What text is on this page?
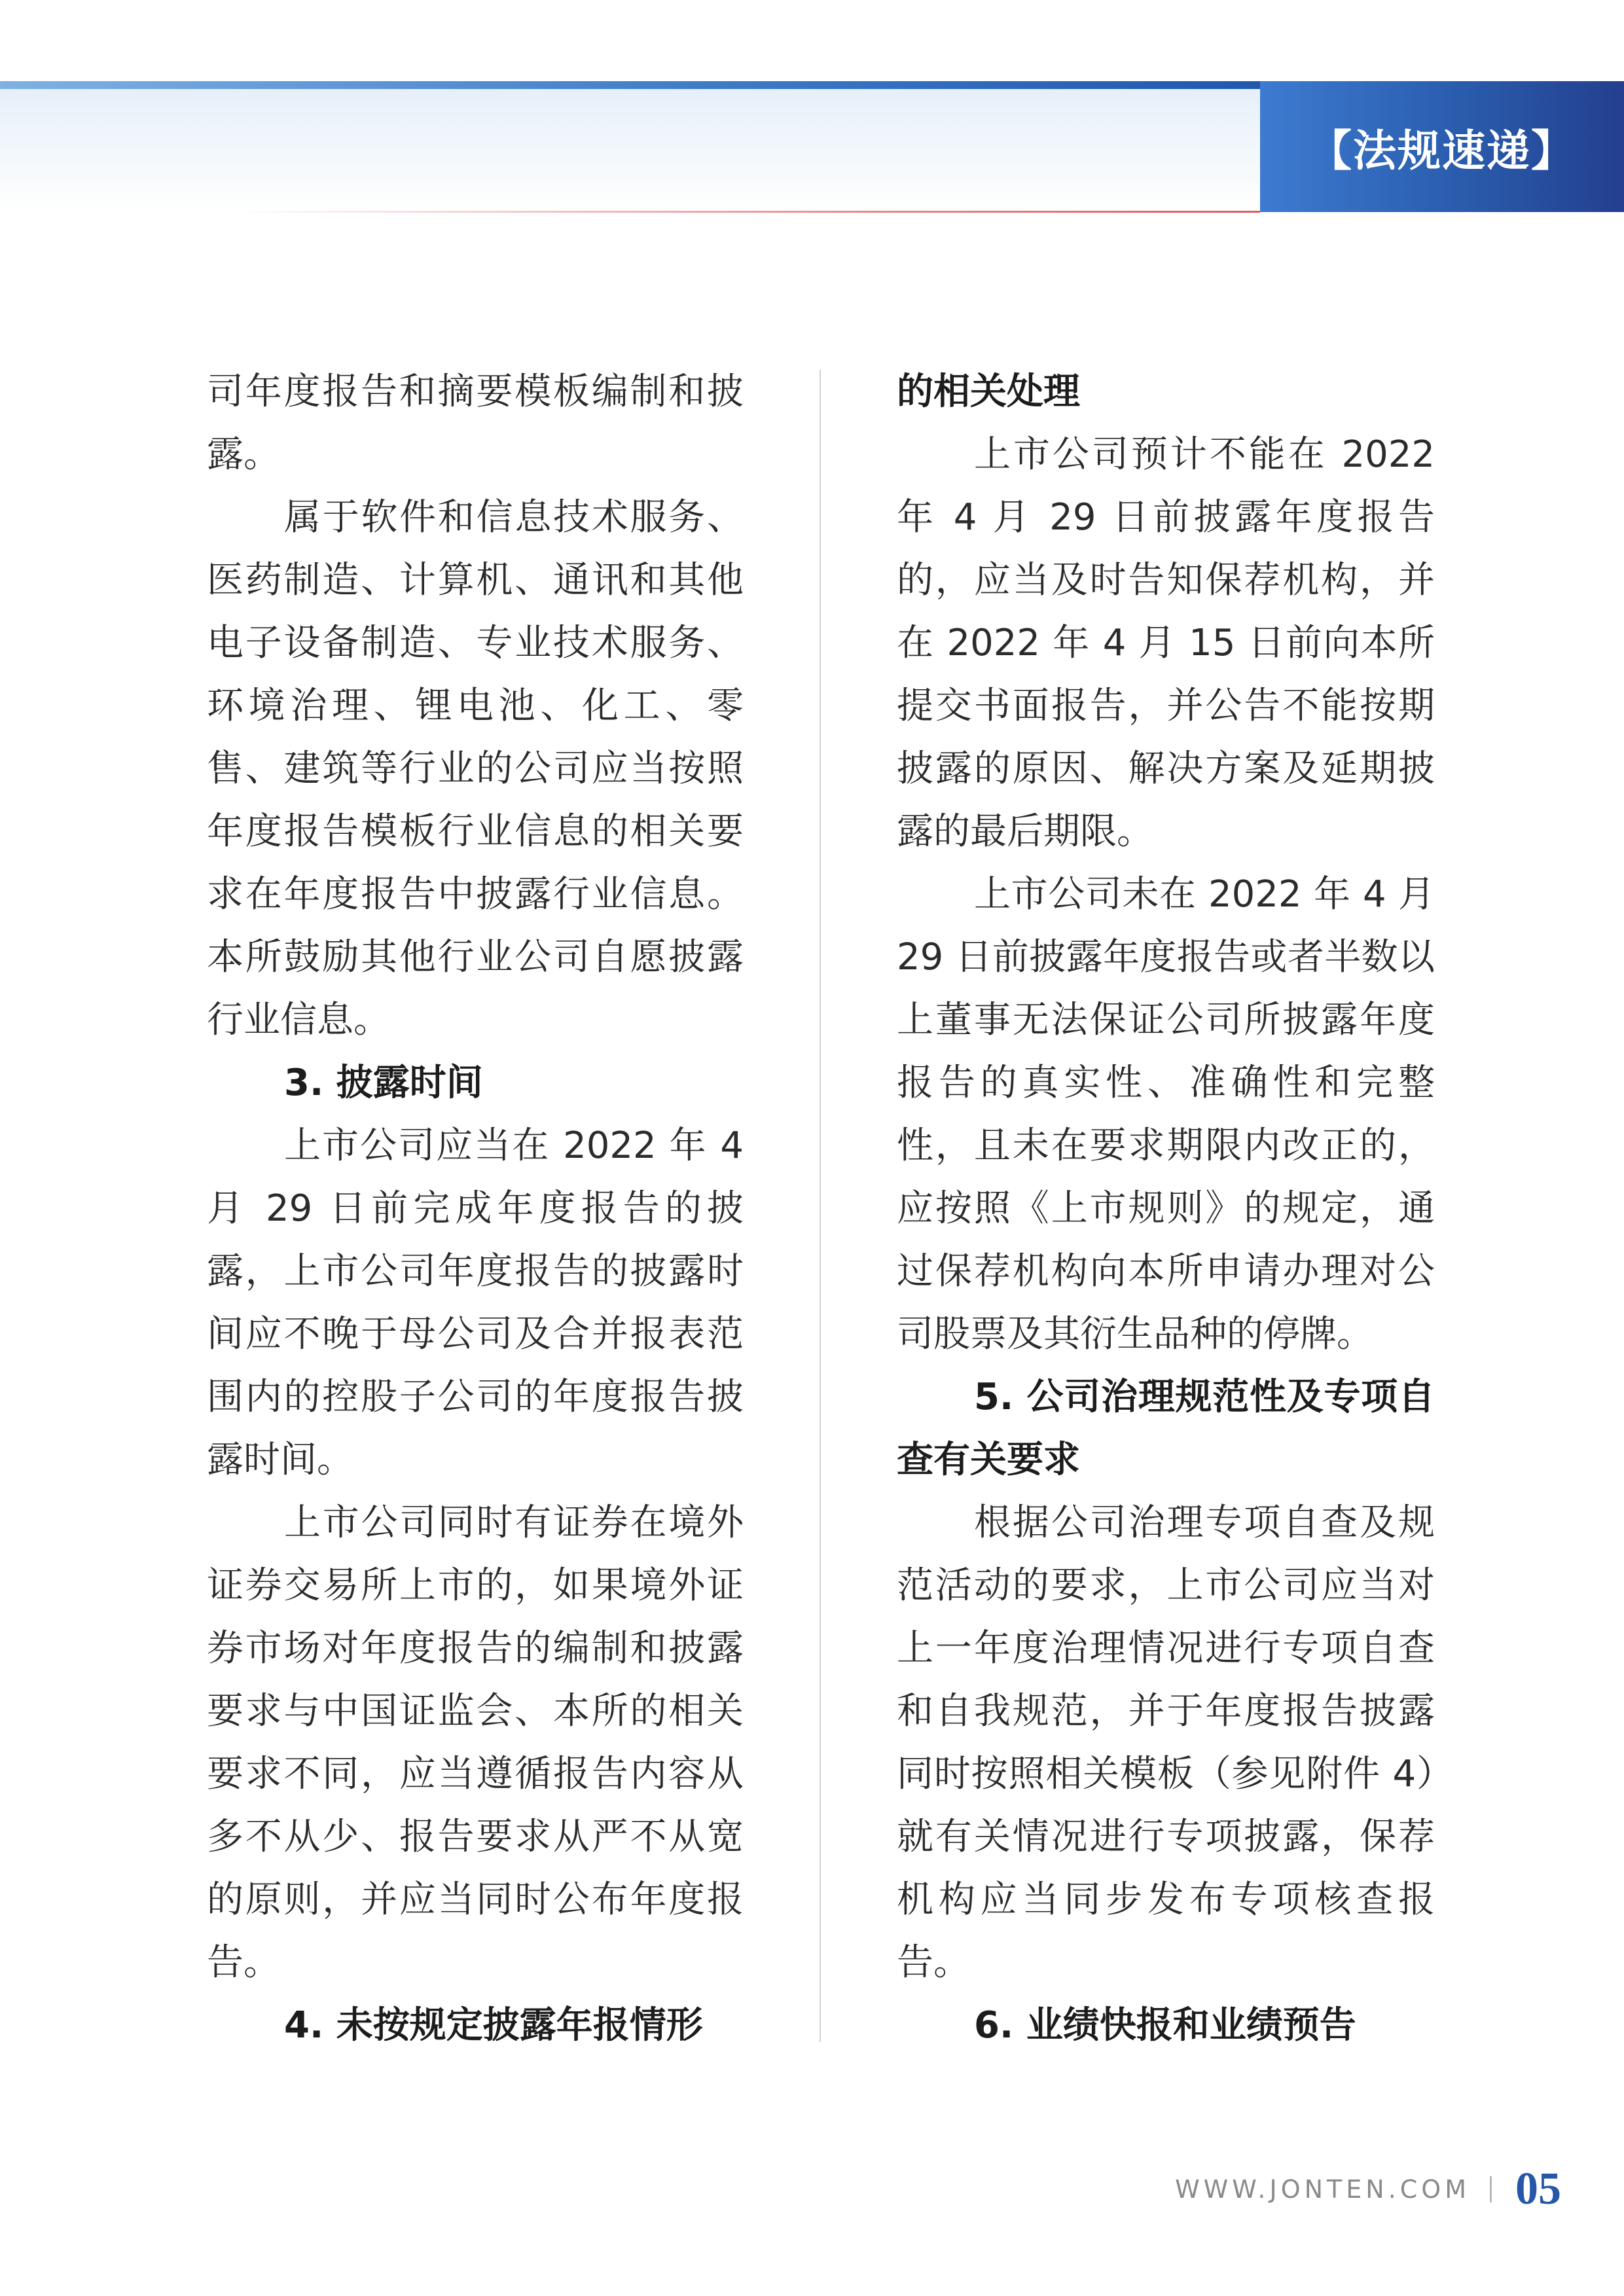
【法规速递】

司年度报告和摘要模板编制和披露。

属于软件和信息技术服务、医药制造、计算机、通讯和其他电子设备制造、专业技术服务、环境治理、锂电池、化工、零售、建筑等行业的公司应当按照年度报告模板行业信息的相关要求在年度报告中披露行业信息。本所鼓励其他行业公司自愿披露行业信息。

3. 披露时间

上市公司应当在 2022 年 4 月 29 日前完成年度报告的披露，上市公司年度报告的披露时间应不晚于母公司及合并报表范围内的控股子公司的年度报告披露时间。

上市公司同时有证券在境外证券交易所上市的，如果境外证券市场对年度报告的编制和披露要求与中国证监会、本所的相关要求不同，应当遵循报告内容从多不从少、报告要求从严不从宽的原则，并应当同时公布年度报告。

4. 未按规定披露年报情形

的相关处理

上市公司预计不能在 2022 年 4 月 29 日前披露年度报告的，应当及时告知保荐机构，并在 2022 年 4 月 15 日前向本所提交书面报告，并公告不能按期披露的原因、解决方案及延期披露的最后期限。

上市公司未在 2022 年 4 月 29 日前披露年度报告或者半数以上董事无法保证公司所披露年度报告的真实性、准确性和完整性，且未在要求期限内改正的，应按照《上市规则》的规定，通过保荐机构向本所申请办理对公司股票及其衍生品种的停牌。

5. 公司治理规范性及专项自查有关要求

根据公司治理专项自查及规范活动的要求，上市公司应当对上一年度治理情况进行专项自查和自我规范，并于年度报告披露同时按照相关模板（参见附件 4）就有关情况进行专项披露，保荐机构应当同步发布专项核查报告。

6. 业绩快报和业绩预告

WWW.JONTEN.COM 05
